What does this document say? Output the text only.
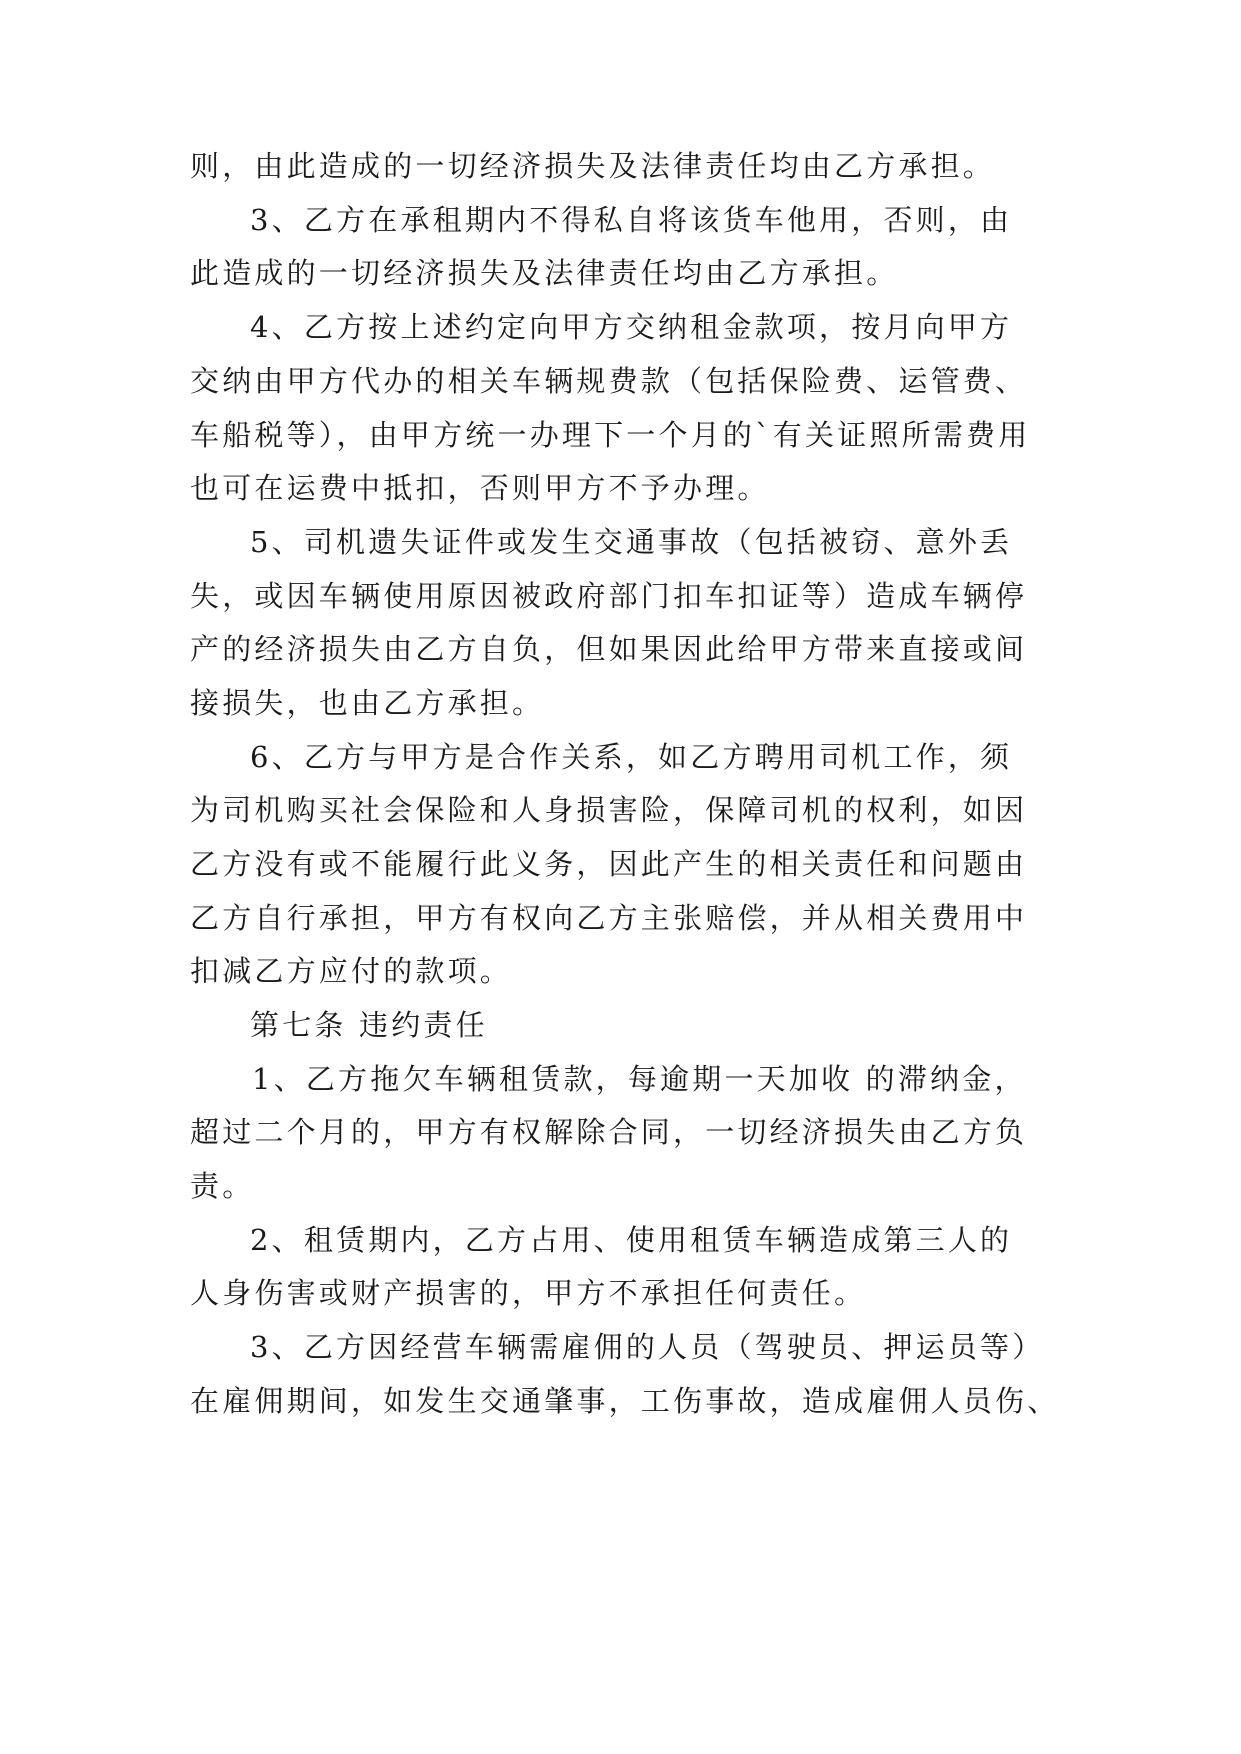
则，由此造成的一切经济损失及法律责任均由乙方承担。
3、乙方在承租期内不得私自将该货车他用，否则，由
此造成的一切经济损失及法律责任均由乙方承担。
4、乙方按上述约定向甲方交纳租金款项，按月向甲方
交纳由甲方代办的相关车辆规费款（包括保险费、运管费、
车船税等），由甲方统一办理下一个月的`有关证照所需费用
也可在运费中抵扣，否则甲方不予办理。
5、司机遗失证件或发生交通事故（包括被窃、意外丢
失，或因车辆使用原因被政府部门扣车扣证等）造成车辆停
产的经济损失由乙方自负，但如果因此给甲方带来直接或间
接损失，也由乙方承担。
6、乙方与甲方是合作关系，如乙方聘用司机工作，须
为司机购买社会保险和人身损害险，保障司机的权利，如因
乙方没有或不能履行此义务，因此产生的相关责任和问题由
乙方自行承担，甲方有权向乙方主张赔偿，并从相关费用中
扣减乙方应付的款项。
第七条 违约责任
1、乙方拖欠车辆租赁款，每逾期一天加收 的滞纳金，
超过二个月的，甲方有权解除合同，一切经济损失由乙方负
责。
2、租赁期内，乙方占用、使用租赁车辆造成第三人的
人身伤害或财产损害的，甲方不承担任何责任。
3、乙方因经营车辆需雇佣的人员（驾驶员、押运员等）
在雇佣期间，如发生交通肇事，工伤事故，造成雇佣人员伤、
